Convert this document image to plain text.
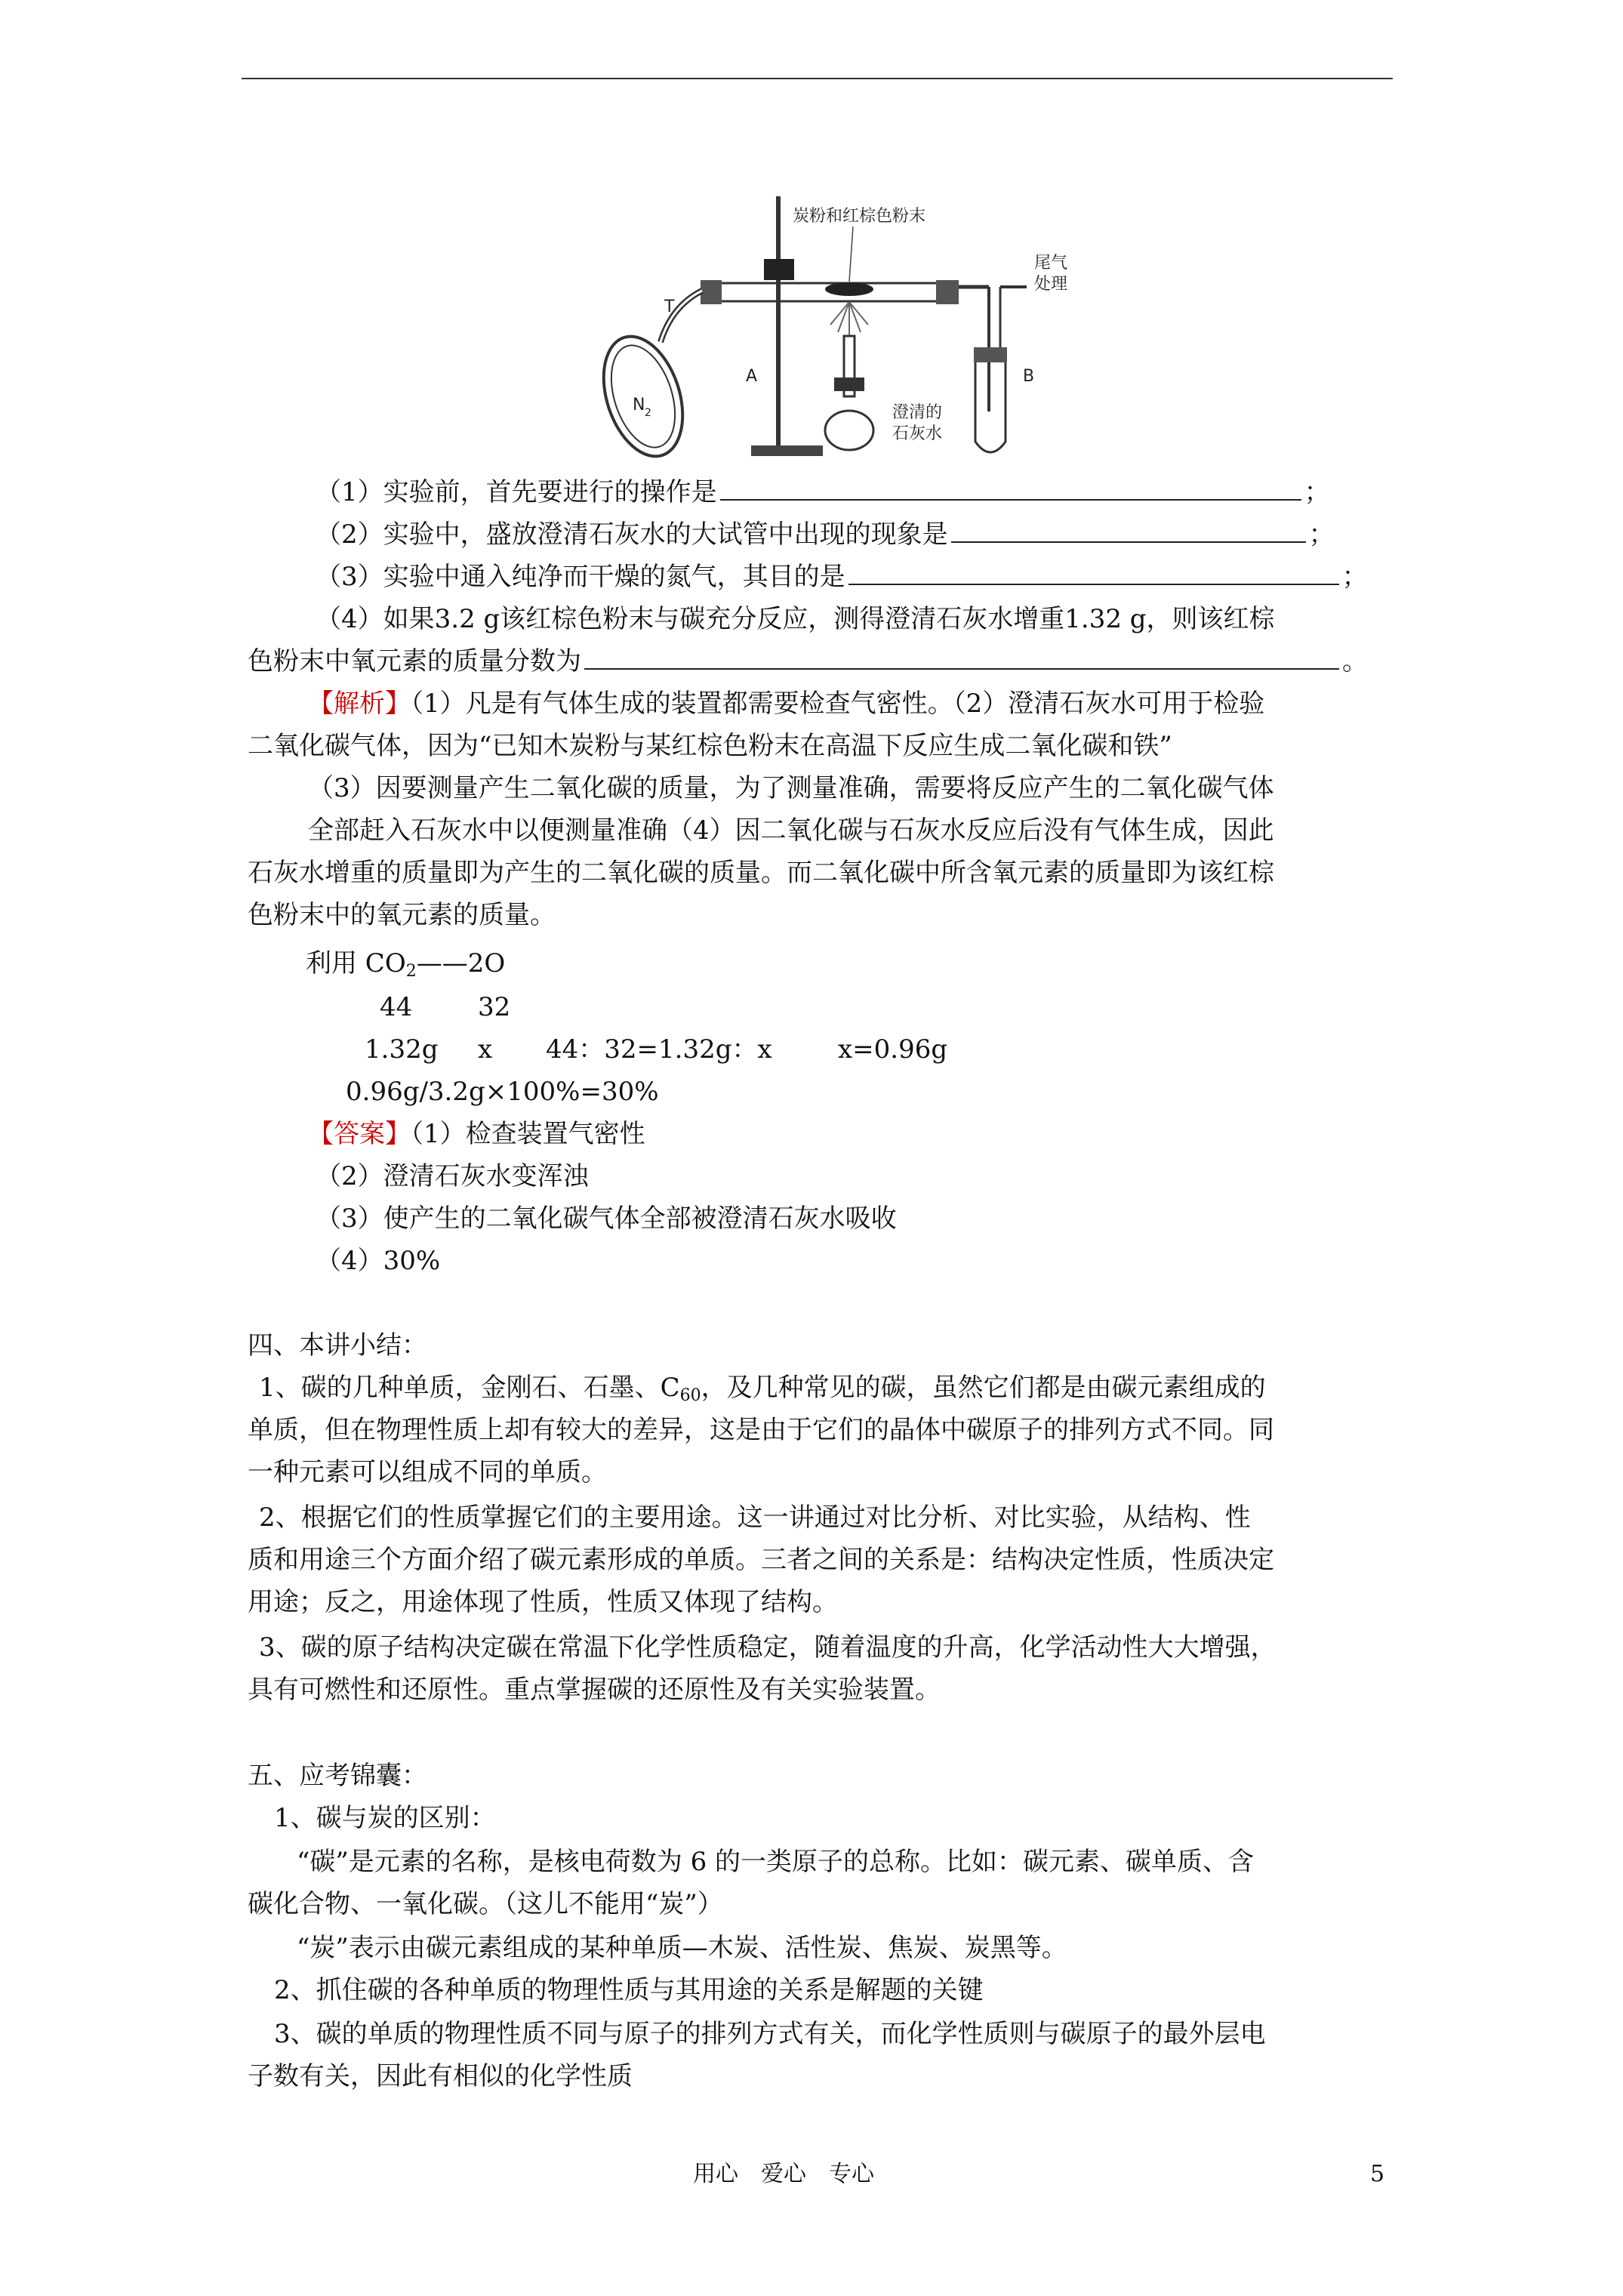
炭粉和红棕色粉末
尾气
处理
T
N 2
A	B
澄清的
石灰水
（1）实验前，首先要进行的操作是	；
（2）实验中，盛放澄清石灰水的大试管中出现的现象是	；
（3）实验中通入纯净而干燥的氮气，其目的是	；
（4）如果3.2 g该红棕色粉末与碳充分反应，测得澄清石灰水增重1.32 g，则该红棕
色粉末中氧元素的质量分数为	。
【解析】（1）凡是有气体生成的装置都需要检查气密性。（2）澄清石灰水可用于检验
二氧化碳气体，因为“已知木炭粉与某红棕色粉末在高温下反应生成二氧化碳和铁”
（3）因要测量产生二氧化碳的质量，为了测量准确，需要将反应产生的二氧化碳气体
全部赶入石灰水中以便测量准确（4）因二氧化碳与石灰水反应后没有气体生成，因此
石灰水增重的质量即为产生的二氧化碳的质量。而二氧化碳中所含氧元素的质量即为该红棕
色粉末中的氧元素的质量。
利用 $CO_2——2O$
44	32
1.32g x 44：32=1.32g：x	x=0.96g
0.96g/3.2g×100%=30%
【答案】（1）检查装置气密性
（2）澄清石灰水变浑浊
（3）使产生的二氧化碳气体全部被澄清石灰水吸收
（4）30%
四、本讲小结：
1、碳的几种单质，金刚石、石墨、$C_{60}$，及几种常见的碳，虽然它们都是由碳元素组成的
单质，但在物理性质上却有较大的差异，这是由于它们的晶体中碳原子的排列方式不同。同
一种元素可以组成不同的单质。
2、根据它们的性质掌握它们的主要用途。这一讲通过对比分析、对比实验，从结构、性
质和用途三个方面介绍了碳元素形成的单质。三者之间的关系是：结构决定性质，性质决定
用途；反之，用途体现了性质，性质又体现了结构。
3、碳的原子结构决定碳在常温下化学性质稳定，随着温度的升高，化学活动性大大增强，
具有可燃性和还原性。重点掌握碳的还原性及有关实验装置。
五、应考锦囊：
1、碳与炭的区别：
“碳”是元素的名称，是核电荷数为 6 的一类原子的总称。比如：碳元素、碳单质、含
碳化合物、一氧化碳。（这儿不能用“炭”）
“炭”表示由碳元素组成的某种单质—木炭、活性炭、焦炭、炭黑等。
2、抓住碳的各种单质的物理性质与其用途的关系是解题的关键
3、碳的单质的物理性质不同与原子的排列方式有关，而化学性质则与碳原子的最外层电
子数有关，因此有相似的化学性质
用心　爱心　专心	5
